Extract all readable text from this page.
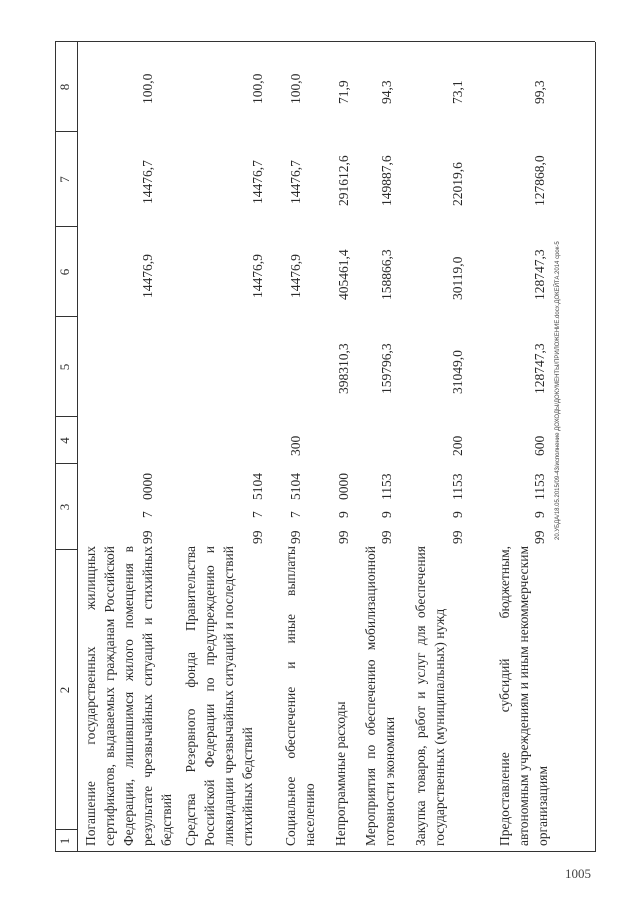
1
2
3
4
5
6
7
8
Погашение государственных жилищных сертификатов, выдаваемых гражданам Российской Федерации, лишившимся жилого помещения в результате чрезвычайных ситуаций и стихийных бедствий
99
7
0000
14476,9
14476,7
100,0
Средства Резервного фонда Правительства Российской Федерации по предупреждению и ликвидации чрезвычайных ситуаций и последствий стихийных бедствий
99
7
5104
14476,9
14476,7
100,0
Социальное обеспечение и иные выплаты населению
99
7
5104
300
14476,9
14476,7
100,0
Непрограммные расходы
99
9
0000
398310,3
405461,4
291612,6
71,9
Мероприятия по обеспечению мобилизационной готовности экономики
99
9
1153
159796,3
158866,3
149887,6
94,3
Закупка товаров, работ и услуг для обеспечения государственных (муниципальных) нужд
99
9
1153
200
31049,0
30119,0
22019,6
73,1
Предоставление субсидий бюджетным, автономным учреждениям и иным некоммерческим организациям
99
9
1153
600
128747,3
128747,3
127868,0
99,3
20.УБДА/18.05.2015/09-43/исполнение ДОХОДЫ/ДОКУМЕНТЫ/ПРИЛОЖЕНИЕ.docx.ДОКЕЙТА.2014 срок-5
1005
